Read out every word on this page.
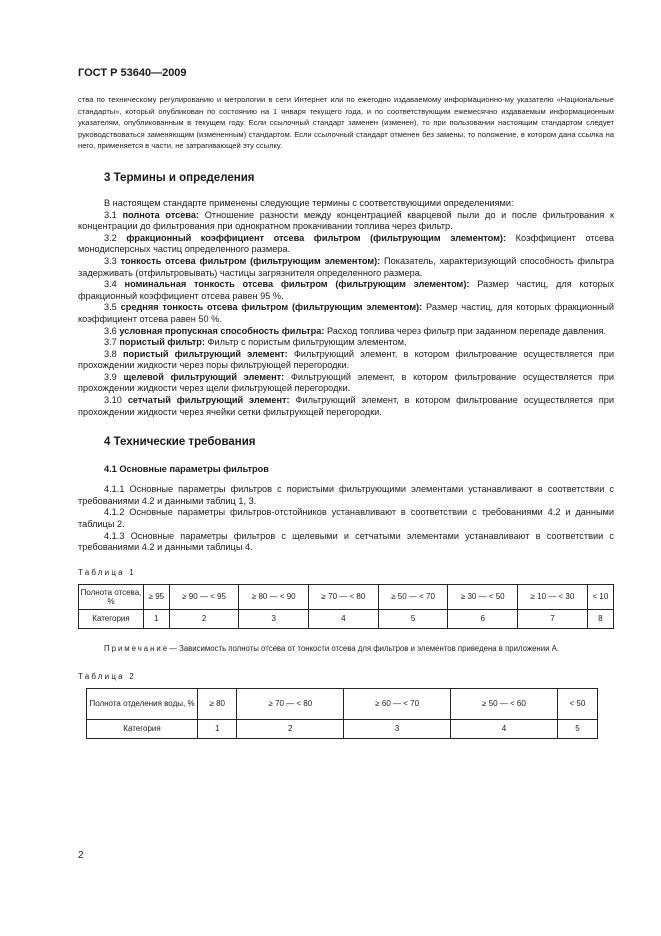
ГОСТ Р 53640—2009

ства по техническому регулированию и метрологии в сети Интернет или по ежегодно издаваемому информационно-му указателю «Национальные стандарты», который опубликован по состоянию на 1 января текущего года, и по соответствующим ежемесячно издаваемым информационным указателям, опубликованным в текущем году. Если ссылочный стандарт заменен (изменен), то при пользовании настоящим стандартом следует руководствоваться заменяющим (измененным) стандартом. Если ссылочный стандарт отменен без замены, то положение, в котором дана ссылка на него, применяется в части, не затрагивающей эту ссылку.

3 Термины и определения

В настоящем стандарте применены следующие термины с соответствующими определениями:

3.1 полнота отсева: Отношение разности между концентрацией кварцевой пыли до и после фильтрования к концентрации до фильтрования при однократном прокачивании топлива через фильтр.

3.2 фракционный коэффициент отсева фильтром (фильтрующим элементом): Коэффициент отсева монодисперсных частиц определенного размера.

3.3 тонкость отсева фильтром (фильтрующим элементом): Показатель, характеризующий способность фильтра задерживать (отфильтровывать) частицы загрязнителя определенного размера.

3.4 номинальная тонкость отсева фильтром (фильтрующим элементом): Размер частиц, для которых фракционный коэффициент отсева равен 95 %.

3.5 средняя тонкость отсева фильтром (фильтрующим элементом): Размер частиц, для которых фракционный коэффициент отсева равен 50 %.

3.6 условная пропускная способность фильтра: Расход топлива через фильтр при заданном перепаде давления.

3.7 пористый фильтр: Фильтр с пористым фильтрующим элементом.

3.8 пористый фильтрующий элемент: Фильтрующий элемент, в котором фильтрование осуществляется при прохождении жидкости через поры фильтрующей перегородки.

3.9 щелевой фильтрующий элемент: Фильтрующий элемент, в котором фильтрование осуществляется при прохождении жидкости через щели фильтрующей перегородки.

3.10 сетчатый фильтрующий элемент: Фильтрующий элемент, в котором фильтрование осуществляется при прохождении жидкости через ячейки сетки фильтрующей перегородки.

4 Технические требования
4.1 Основные параметры фильтров

4.1.1 Основные параметры фильтров с пористыми фильтрующими элементами устанавливают в соответствии с требованиями 4.2 и данными таблиц 1, 3.

4.1.2 Основные параметры фильтров-отстойников устанавливают в соответствии с требованиями 4.2 и данными таблицы 2.

4.1.3 Основные параметры фильтров с щелевыми и сетчатыми элементами устанавливают в соответствии с требованиями 4.2 и данными таблицы 4.

Таблица 1
Полнота отсева, %	≥ 95	≥ 90 — < 95	≥ 80 — < 90	≥ 70 — < 80	≥ 50 — < 70	≥ 30 — < 50	≥ 10 — < 30	< 10
Категория	1	2	3	4	5	6	7	8
Примечание— Зависимость полноты отсева от тонкости отсева для фильтров и элементов приведена в приложении А.
Таблица 2
Полнота отделения воды, %	≥ 80	≥ 70 — < 80	≥ 60 — < 70	≥ 50 — < 60	< 50
Категория	1	2	3	4	5
2
